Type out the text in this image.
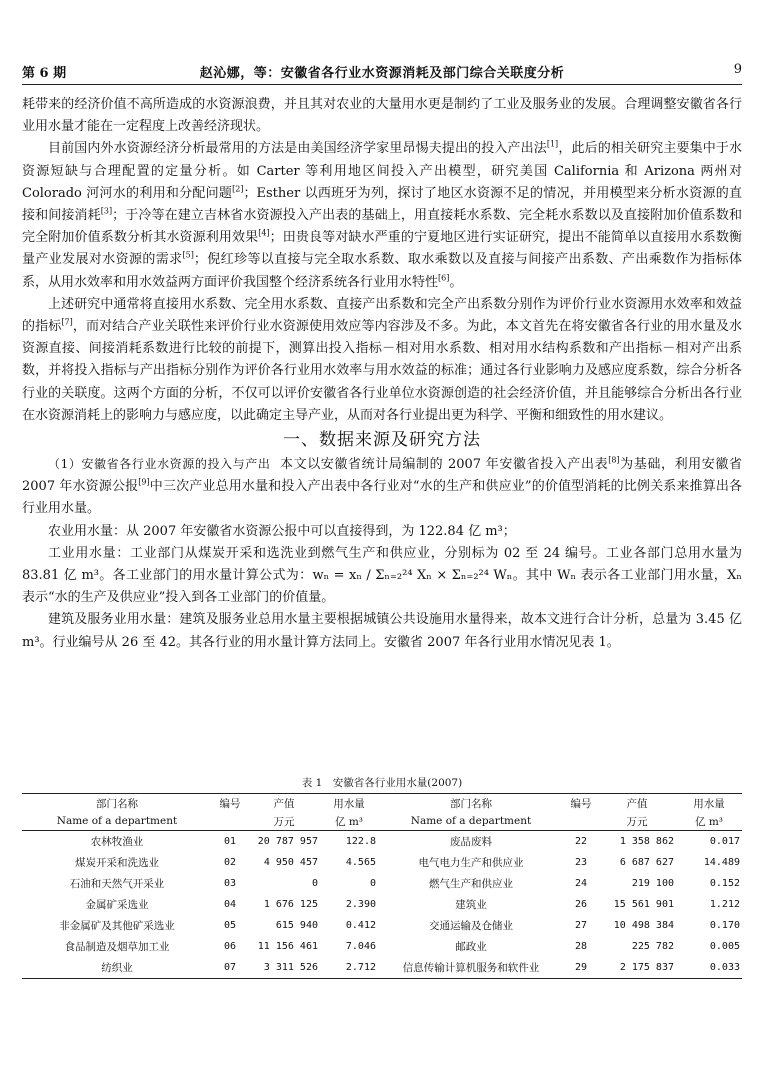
第 6 期	赵沁娜，等：安徽省各行业水资源消耗及部门综合关联度分析	9

耗带来的经济价值不高所造成的水资源浪费，并且其对农业的大量用水更是制约了工业及服务业的发展。合理调整安徽省各行业用水量才能在一定程度上改善经济现状。

目前国内外水资源经济分析最常用的方法是由美国经济学家里昂惕夫提出的投入产出法[1]，此后的相关研究主要集中于水资源短缺与合理配置的定量分析。如 Carter 等利用地区间投入产出模型，研究美国 California 和 Arizona 两州对 Colorado 河河水的利用和分配问题[2]；Esther 以西班牙为列，探讨了地区水资源不足的情况，并用模型来分析水资源的直接和间接消耗[3]；于冷等在建立吉林省水资源投入产出表的基础上，用直接耗水系数、完全耗水系数以及直接附加价值系数和完全附加价值系数分析其水资源利用效果[4]；田贵良等对缺水严重的宁夏地区进行实证研究，提出不能简单以直接用水系数衡量产业发展对水资源的需求[5]；倪红珍等以直接与完全取水系数、取水乘数以及直接与间接产出系数、产出乘数作为指标体系，从用水效率和用水效益两方面评价我国整个经济系统各行业用水特性[6]。

上述研究中通常将直接用水系数、完全用水系数、直接产出系数和完全产出系数分别作为评价行业水资源用水效率和效益的指标[7]，而对结合产业关联性来评价行业水资源使用效应等内容涉及不多。为此，本文首先在将安徽省各行业的用水量及水资源直接、间接消耗系数进行比较的前提下，测算出投入指标－相对用水系数、相对用水结构系数和产出指标－相对产出系数，并将投入指标与产出指标分别作为评价各行业用水效率与用水效益的标准；通过各行业影响力及感应度系数，综合分析各行业的关联度。这两个方面的分析，不仅可以评价安徽省各行业单位水资源创造的社会经济价值，并且能够综合分析出各行业在水资源消耗上的影响力与感应度，以此确定主导产业，从而对各行业提出更为科学、平衡和细致性的用水建议。

一、数据来源及研究方法

（1）安徽省各行业水资源的投入与产出 本文以安徽省统计局编制的 2007 年安徽省投入产出表[8]为基础，利用安徽省 2007 年水资源公报[9]中三次产业总用水量和投入产出表中各行业对“水的生产和供应业”的价值型消耗的比例关系来推算出各行业用水量。

农业用水量：从 2007 年安徽省水资源公报中可以直接得到，为 122.84 亿 m³；

工业用水量：工业部门从煤炭开采和选洗业到燃气生产和供应业，分别标为 02 至 24 编号。工业各部门总用水量为 83.81 亿 m³。各工业部门的用水量计算公式为：wₙ = xₙ / Σₙ₌₂²⁴ Xₙ × Σₙ₌₂²⁴ Wₙ。其中 Wₙ 表示各工业部门用水量，Xₙ 表示“水的生产及供应业”投入到各工业部门的价值量。

建筑及服务业用水量：建筑及服务业总用水量主要根据城镇公共设施用水量得来，故本文进行合计分析，总量为 3.45 亿 m³。行业编号从 26 至 42。其各行业的用水量计算方法同上。安徽省 2007 年各行业用水情况见表 1。

表 1　安徽省各行业用水量(2007)
部门名称	编号	产值	用水量	部门名称	编号	产值	用水量
Name of a department		万元	亿 m³	Name of a department		万元	亿 m³
农林牧渔业	01	20 787 957	122.8	废品废料	22	1 358 862	0.017
煤炭开采和洗选业	02	4 950 457	4.565	电气电力生产和供应业	23	6 687 627	14.489
石油和天然气开采业	03	0	0	燃气生产和供应业	24	219 100	0.152
金属矿采选业	04	1 676 125	2.390	建筑业	26	15 561 901	1.212
非金属矿及其他矿采选业	05	615 940	0.412	交通运输及仓储业	27	10 498 384	0.170
食品制造及烟草加工业	06	11 156 461	7.046	邮政业	28	225 782	0.005
纺织业	07	3 311 526	2.712	信息传输计算机服务和软件业	29	2 175 837	0.033
